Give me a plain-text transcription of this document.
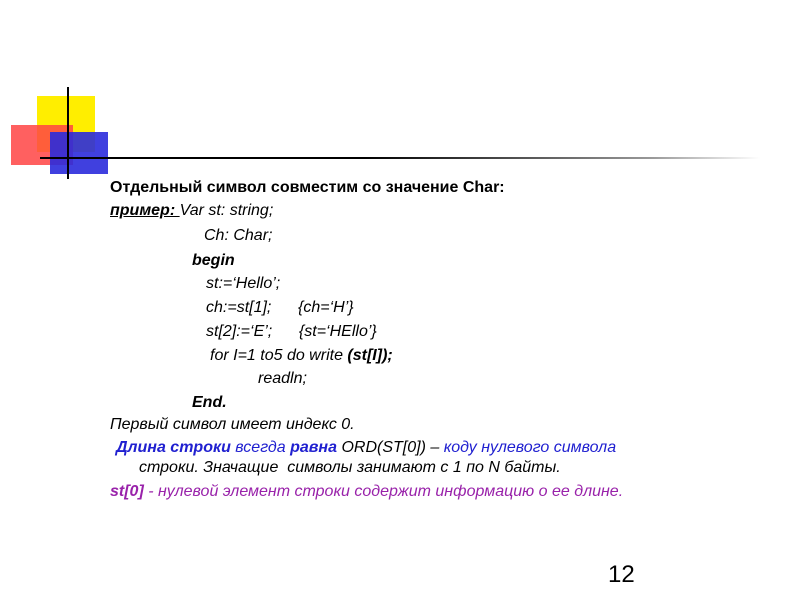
Отдельный символ совместим со значение Char:
пример: Var st: string;
Ch: Char;
begin
st:=‘Hello’;
ch:=st[1];      {ch=‘H’}
st[2]:=‘E’;      {st=‘HEllo’}
for I=1 to5 do write (st[I]);
readln;
End.
Первый символ имеет индекс 0.
Длина строки всегда равна ORD(ST[0]) – коду нулевого символа
строки. Значащие  символы занимают с 1 по N байты.
st[0] - нулевой элемент строки содержит информацию о ее длине.
12
